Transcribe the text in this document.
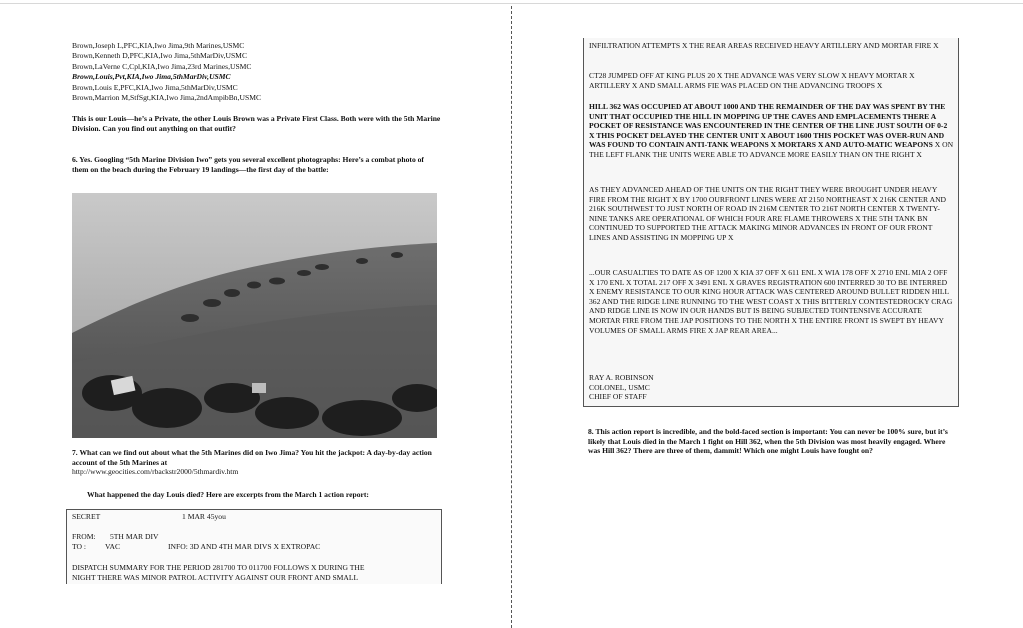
Brown,Joseph L,PFC,KIA,Iwo Jima,9th Marines,USMC
Brown,Kenneth D,PFC,KIA,Iwo Jima,5thMarDiv,USMC
Brown,LaVerne C,Cpl,KIA,Iwo Jima,23rd Marines,USMC
Brown,Louis,Pvt,KIA,Iwo Jima,5thMarDiv,USMC
Brown,Louis E,PFC,KIA,Iwo Jima,5thMarDiv,USMC
Brown,Marrion M,StfSgt,KIA,Iwo Jima,2ndAmpibBn,USMC
This is our Louis—he’s a Private, the other Louis Brown was a Private First Class. Both were with the 5th Marine Division. Can you find out anything on that outfit?
6. Yes. Googling “5th Marine Division Iwo” gets you several excellent photographs: Here’s a combat photo of them on the beach during the February 19 landings—the first day of the battle:
7. What can we find out about what the 5th Marines did on Iwo Jima? You hit the jackpot: A day-by-day action account of the 5th Marines at
http://www.geocities.com/rbackstr2000/5thmardiv.htm
What happened the day Louis died? Here are excerpts from the March 1 action report:
SECRET	1 MAR 45you
FROM: 5TH MAR DIV
TO :	VAC	INFO: 3D AND 4TH MAR DIVS X EXTROPAC
DISPATCH SUMMARY FOR THE PERIOD 281700 TO 011700 FOLLOWS X DURING THE
NIGHT THERE WAS MINOR PATROL ACTIVITY AGAINST OUR FRONT AND SMALL
INFILTRATION ATTEMPTS X THE REAR AREAS RECEIVED HEAVY ARTILLERY AND MORTAR FIRE X
CT28 JUMPED OFF AT KING PLUS 20 X THE ADVANCE WAS VERY SLOW X HEAVY MORTAR X ARTILLERY X AND SMALL ARMS FIE WAS PLACED ON THE ADVANCING TROOPS X
HILL 362 WAS OCCUPIED AT ABOUT 1000 AND THE REMAINDER OF THE DAY WAS SPENT BY THE UNIT THAT OCCUPIED THE HILL IN MOPPING UP THE CAVES AND EMPLACEMENTS THERE A POCKET OF RESISTANCE WAS ENCOUNTERED IN THE CENTER OF THE LINE JUST SOUTH OF 0-2 X THIS POCKET DELAYED THE CENTER UNIT X ABOUT 1600 THIS POCKET WAS OVER-RUN AND WAS FOUND TO CONTAIN ANTI-TANK WEAPONS X MORTARS X AND AUTO-MATIC WEAPONS X ON THE LEFT FLANK THE UNITS WERE ABLE TO ADVANCE MORE EASILY THAN ON THE RIGHT X
AS THEY ADVANCED AHEAD OF THE UNITS ON THE RIGHT THEY WERE BROUGHT UNDER HEAVY FIRE FROM THE RIGHT X BY 1700 OURFRONT LINES WERE AT 2150 NORTHEAST X 216K CENTER AND 216K SOUTHWEST TO JUST NORTH OF ROAD IN 216M CENTER TO 216T NORTH CENTER X TWENTY-NINE TANKS ARE OPERATIONAL OF WHICH FOUR ARE FLAME THROWERS X THE 5TH TANK BN CONTINUED TO SUPPORTED THE ATTACK MAKING MINOR ADVANCES IN FRONT OF OUR FRONT LINES AND ASSISTING IN MOPPING UP X
...OUR CASUALTIES TO DATE AS OF 1200 X KIA 37 OFF X 611 ENL X WIA 178 OFF X 2710 ENL MIA 2 OFF X 170 ENL X TOTAL 217 OFF X 3491 ENL X GRAVES REGISTRATION 600 INTERRED 30 TO BE INTERRED X ENEMY RESISTANCE TO OUR KING HOUR ATTACK WAS CENTERED AROUND BULLET RIDDEN HILL 362 AND THE RIDGE LINE RUNNING TO THE WEST COAST X THIS BITTERLY CONTESTEDROCKY CRAG AND RIDGE LINE IS NOW IN OUR HANDS BUT IS BEING SUBJECTED TOINTENSIVE ACCURATE MORTAR FIRE FROM THE JAP POSITIONS TO THE NORTH X THE ENTIRE FRONT IS SWEPT BY HEAVY VOLUMES OF SMALL ARMS FIRE X JAP REAR AREA...
RAY A. ROBINSON
COLONEL, USMC
CHIEF OF STAFF
8. This action report is incredible, and the bold-faced section is important: You can never be 100% sure, but it’s likely that Louis died in the March 1 fight on Hill 362, when the 5th Division was most heavily engaged. Where was Hill 362? There are three of them, dammit! Which one might Louis have fought on?
